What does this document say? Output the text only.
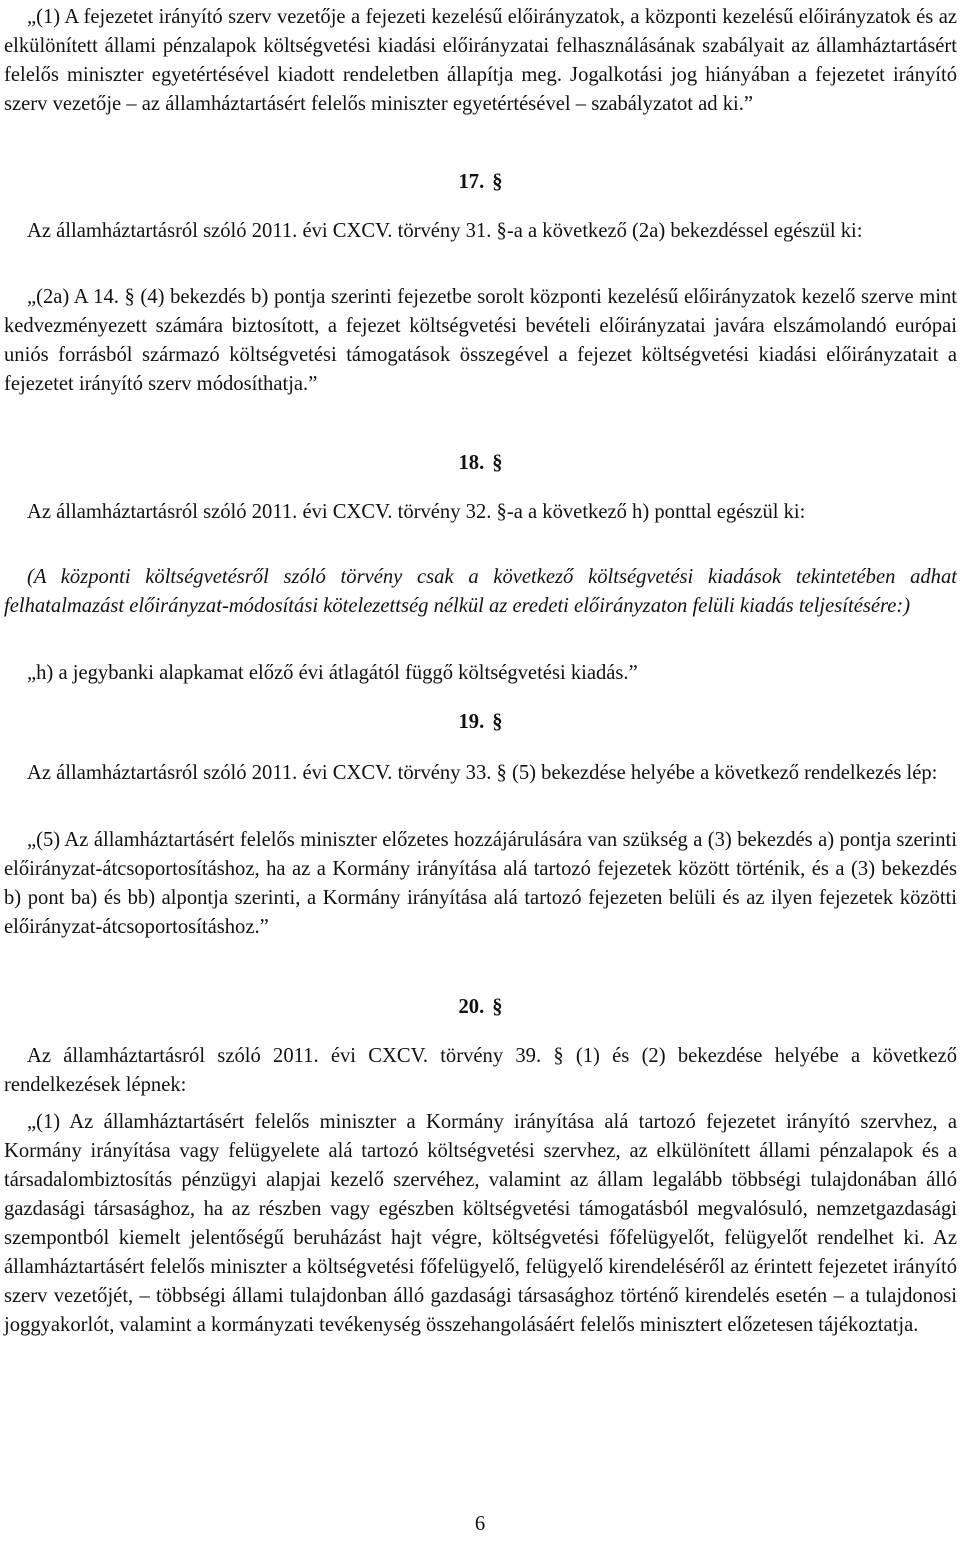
„(1) A fejezetet irányító szerv vezetője a fejezeti kezelésű előirányzatok, a központi kezelésű előirányzatok és az elkülönített állami pénzalapok költségvetési kiadási előirányzatai felhasználásának szabályait az államháztartásért felelős miniszter egyetértésével kiadott rendeletben állapítja meg. Jogalkotási jog hiányában a fejezetet irányító szerv vezetője – az államháztartásért felelős miniszter egyetértésével – szabályzatot ad ki.”

17. §

Az államháztartásról szóló 2011. évi CXCV. törvény 31. §-a a következő (2a) bekezdéssel egészül ki:

„(2a) A 14. § (4) bekezdés b) pontja szerinti fejezetbe sorolt központi kezelésű előirányzatok kezelő szerve mint kedvezményezett számára biztosított, a fejezet költségvetési bevételi előirányzatai javára elszámolandó európai uniós forrásból származó költségvetési támogatások összegével a fejezet költségvetési kiadási előirányzatait a fejezetet irányító szerv módosíthatja.”

18. §

Az államháztartásról szóló 2011. évi CXCV. törvény 32. §-a a következő h) ponttal egészül ki:

(A központi költségvetésről szóló törvény csak a következő költségvetési kiadások tekintetében adhat felhatalmazást előirányzat-módosítási kötelezettség nélkül az eredeti előirányzaton felüli kiadás teljesítésére:)

„h) a jegybanki alapkamat előző évi átlagától függő költségvetési kiadás.”

19. §

Az államháztartásról szóló 2011. évi CXCV. törvény 33. § (5) bekezdése helyébe a következő rendelkezés lép:

„(5) Az államháztartásért felelős miniszter előzetes hozzájárulására van szükség a (3) bekezdés a) pontja szerinti előirányzat-átcsoportosításhoz, ha az a Kormány irányítása alá tartozó fejezetek között történik, és a (3) bekezdés b) pont ba) és bb) alpontja szerinti, a Kormány irányítása alá tartozó fejezeten belüli és az ilyen fejezetek közötti előirányzat-átcsoportosításhoz.”

20. §

Az államháztartásról szóló 2011. évi CXCV. törvény 39. § (1) és (2) bekezdése helyébe a következő rendelkezések lépnek:

„(1) Az államháztartásért felelős miniszter a Kormány irányítása alá tartozó fejezetet irányító szervhez, a Kormány irányítása vagy felügyelete alá tartozó költségvetési szervhez, az elkülönített állami pénzalapok és a társadalombiztosítás pénzügyi alapjai kezelő szervéhez, valamint az állam legalább többségi tulajdonában álló gazdasági társasághoz, ha az részben vagy egészben költségvetési támogatásból megvalósuló, nemzetgazdasági szempontból kiemelt jelentőségű beruházást hajt végre, költségvetési főfelügyelőt, felügyelőt rendelhet ki. Az államháztartásért felelős miniszter a költségvetési főfelügyelő, felügyelő kirendeléséről az érintett fejezetet irányító szerv vezetőjét, – többségi állami tulajdonban álló gazdasági társasághoz történő kirendelés esetén – a tulajdonosi joggyakorlót, valamint a kormányzati tevékenység összehangolásáért felelős minisztert előzetesen tájékoztatja.

6
